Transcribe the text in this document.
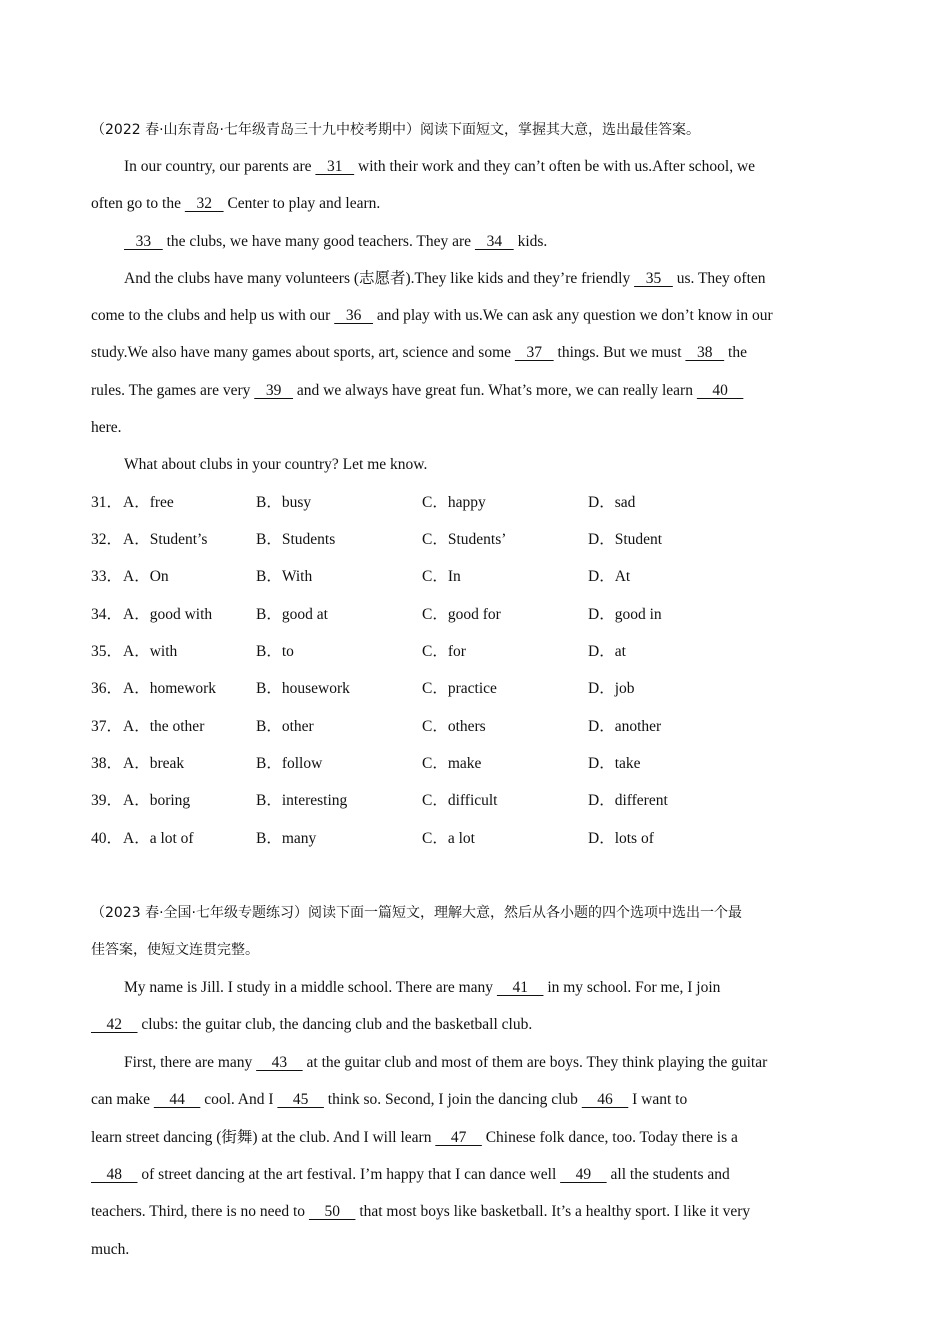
（2022 春·山东青岛·七年级青岛三十九中校考期中）阅读下面短文，掌握其大意，选出最佳答案。
In our country, our parents are    31    with their work and they can’t often be with us.After school, we
often go to the    32    Center to play and learn.
33    the clubs, we have many good teachers. They are    34    kids.
And the clubs have many volunteers (志愿者).They like kids and they’re friendly    35    us. They often
come to the clubs and help us with our    36    and play with us.We can ask any question we don’t know in our
study.We also have many games about sports, art, science and some    37    things. But we must    38    the
rules. The games are very    39    and we always have great fun. What’s more, we can really learn     40
here.
What about clubs in your country? Let me know.
31． A．free	B．busy	C．happy	D．sad
32． A．Student’s	B．Students	C．Students’	D．Student
33． A．On	B．With	C．In	D．At
34． A．good with	B．good at	C．good for	D．good in
35． A．with	B．to	C．for	D．at
36． A．homework	B．housework	C．practice	D．job
37． A．the other	B．other	C．others	D．another
38． A．break	B．follow	C．make	D．take
39． A．boring	B．interesting	C．difficult	D．different
40． A．a lot of	B．many	C．a lot	D．lots of
（2023 春·全国·七年级专题练习）阅读下面一篇短文，理解大意，然后从各小题的四个选项中选出一个最
佳答案，使短文连贯完整。
My name is Jill. I study in a middle school. There are many     41     in my school. For me, I join
42     clubs: the guitar club, the dancing club and the basketball club.
First, there are many     43     at the guitar club and most of them are boys. They think playing the guitar
can make     44     cool. And I     45     think so. Second, I join the dancing club     46     I want to
learn street dancing (街舞) at the club. And I will learn     47     Chinese folk dance, too. Today there is a
48     of street dancing at the art festival. I’m happy that I can dance well     49     all the students and
teachers. Third, there is no need to     50     that most boys like basketball. It’s a healthy sport. I like it very
much.
